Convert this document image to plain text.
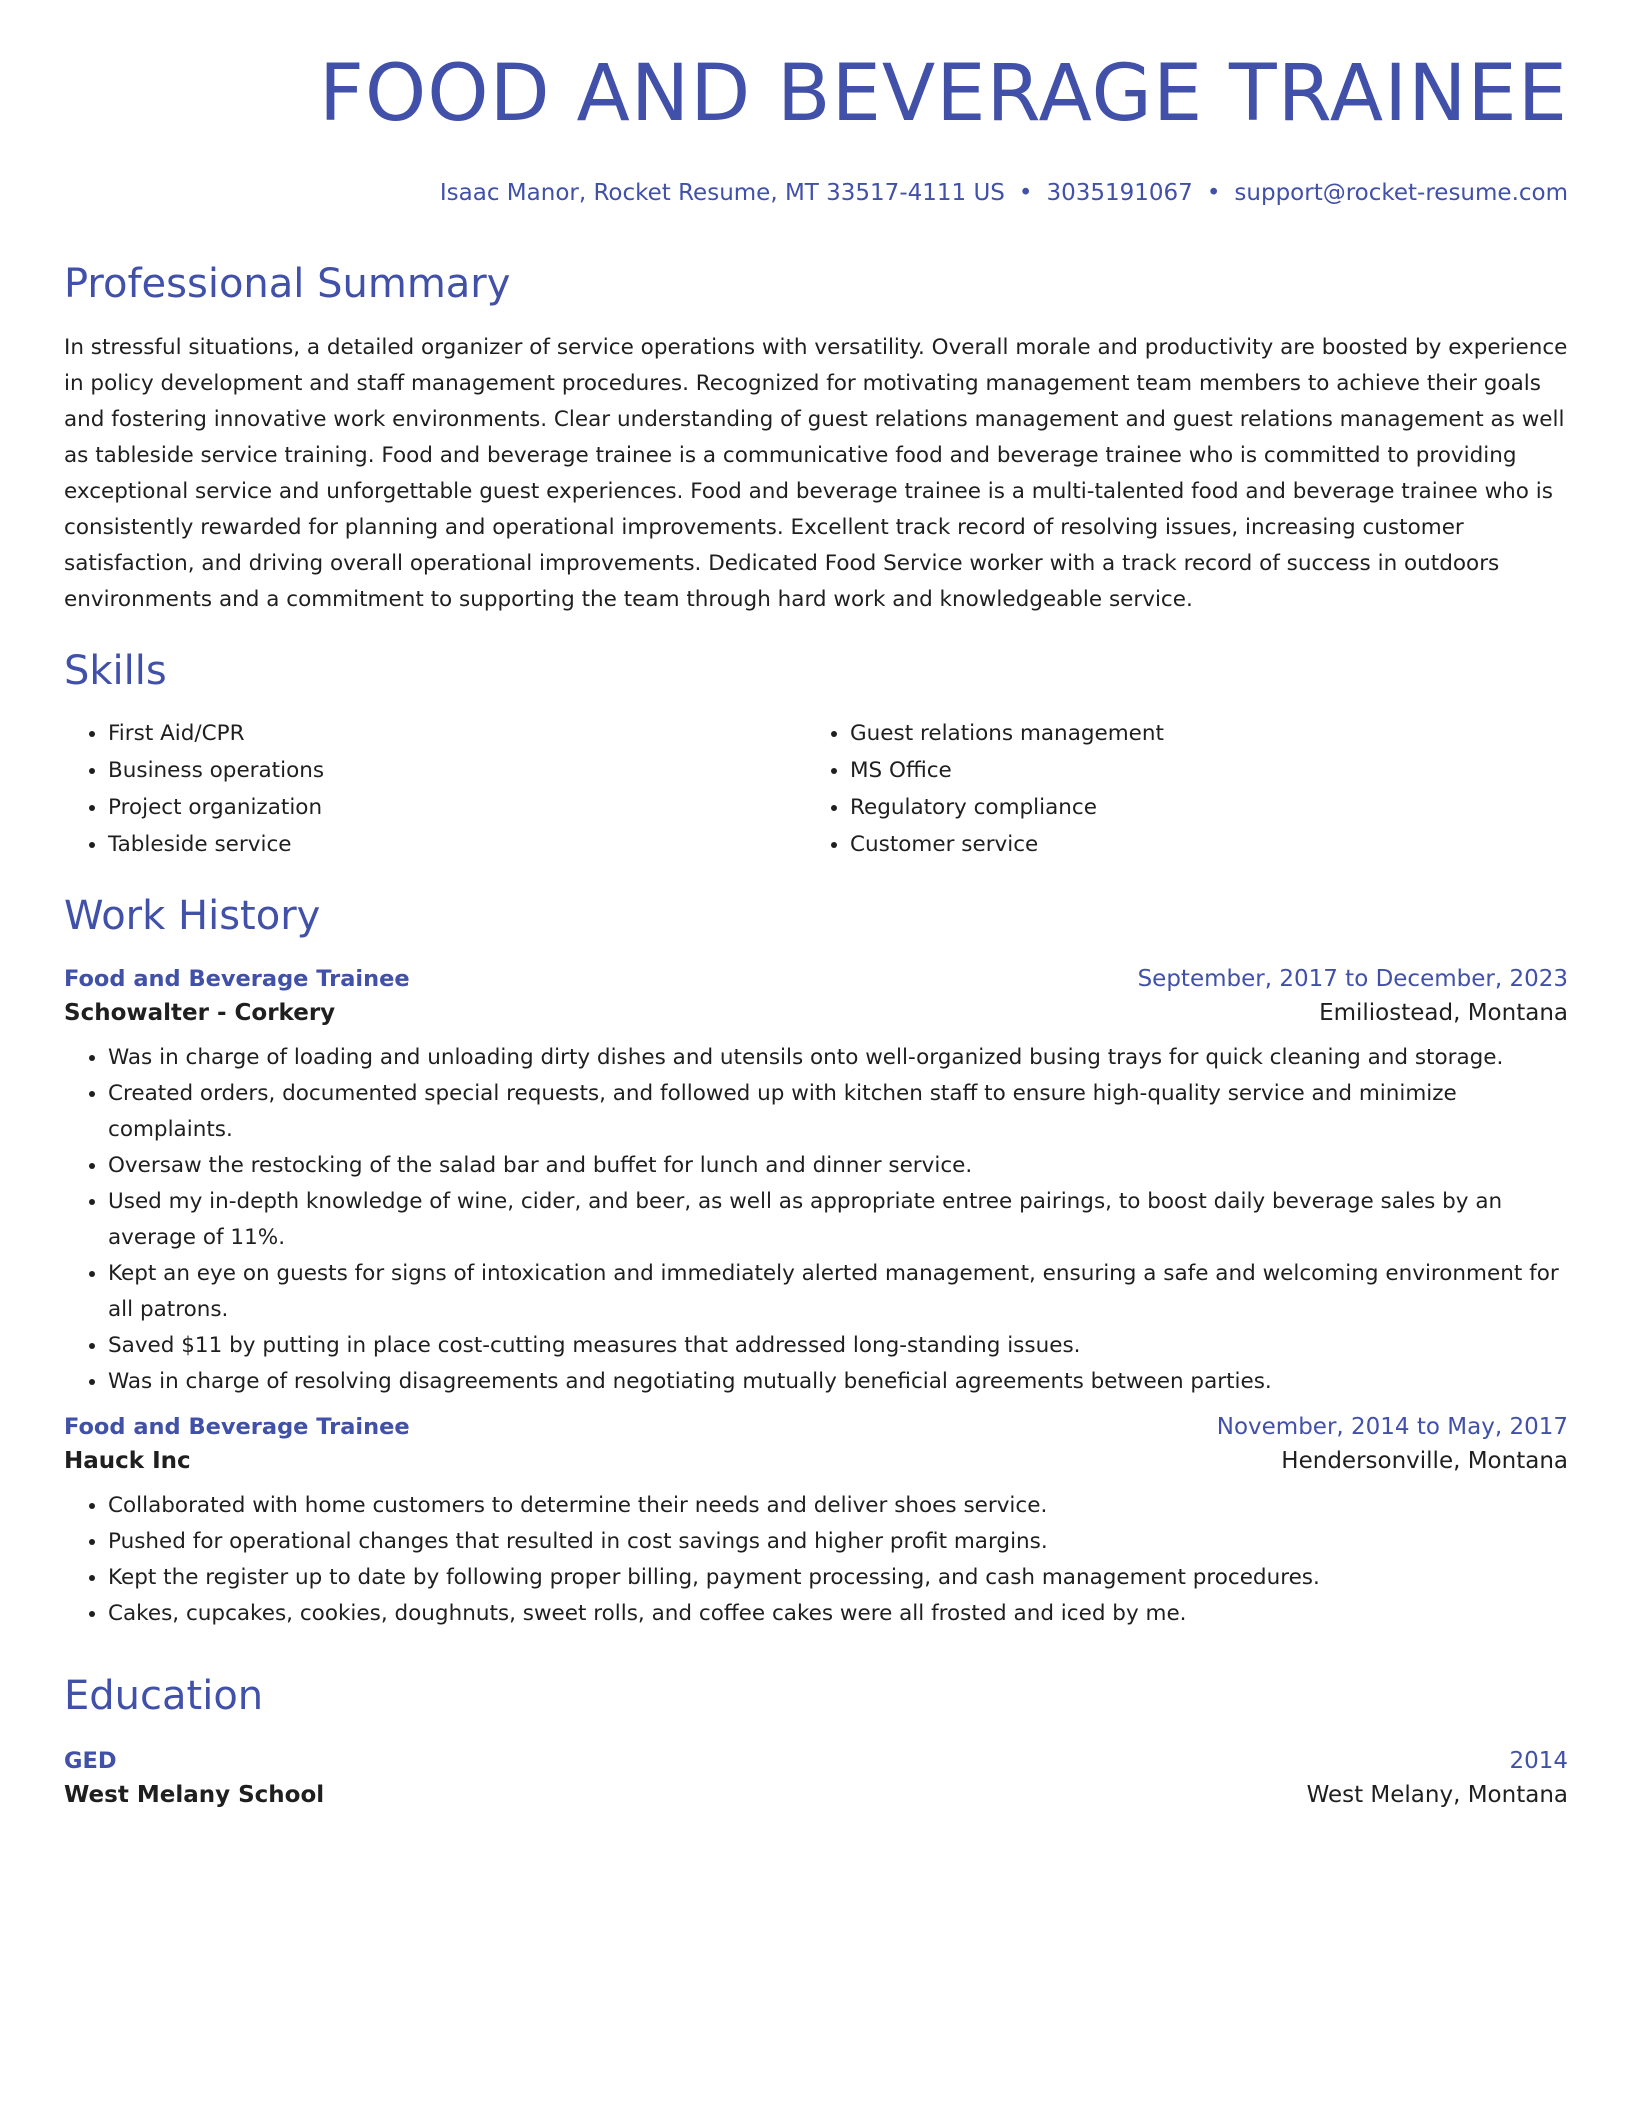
FOOD AND BEVERAGE TRAINEE
Isaac Manor, Rocket Resume, MT 33517-4111 US • 3035191067 • support@rocket-resume.com
Professional Summary

In stressful situations, a detailed organizer of service operations with versatility. Overall morale and productivity are boosted by experience in policy development and staff management procedures. Recognized for motivating management team members to achieve their goals and fostering innovative work environments. Clear understanding of guest relations management and guest relations management as well as tableside service training. Food and beverage trainee is a communicative food and beverage trainee who is committed to providing exceptional service and unforgettable guest experiences. Food and beverage trainee is a multi-talented food and beverage trainee who is consistently rewarded for planning and operational improvements. Excellent track record of resolving issues, increasing customer satisfaction, and driving overall operational improvements. Dedicated Food Service worker with a track record of success in outdoors environments and a commitment to supporting the team through hard work and knowledgeable service.

Skills
• First Aid/CPR
• Business operations
• Project organization
• Tableside service
• Guest relations management
• MS Office
• Regulatory compliance
• Customer service
Work History
Food and Beverage Trainee	September, 2017 to December, 2023
Schowalter - Corkery	Emiliostead, Montana
• Was in charge of loading and unloading dirty dishes and utensils onto well-organized busing trays for quick cleaning and storage.
• Created orders, documented special requests, and followed up with kitchen staff to ensure high-quality service and minimize complaints.
• Oversaw the restocking of the salad bar and buffet for lunch and dinner service.
• Used my in-depth knowledge of wine, cider, and beer, as well as appropriate entree pairings, to boost daily beverage sales by an average of 11%.
• Kept an eye on guests for signs of intoxication and immediately alerted management, ensuring a safe and welcoming environment for all patrons.
• Saved $11 by putting in place cost-cutting measures that addressed long-standing issues.
• Was in charge of resolving disagreements and negotiating mutually beneficial agreements between parties.
Food and Beverage Trainee	November, 2014 to May, 2017
Hauck Inc	Hendersonville, Montana
• Collaborated with home customers to determine their needs and deliver shoes service.
• Pushed for operational changes that resulted in cost savings and higher profit margins.
• Kept the register up to date by following proper billing, payment processing, and cash management procedures.
• Cakes, cupcakes, cookies, doughnuts, sweet rolls, and coffee cakes were all frosted and iced by me.
Education
GED	2014
West Melany School	West Melany, Montana
